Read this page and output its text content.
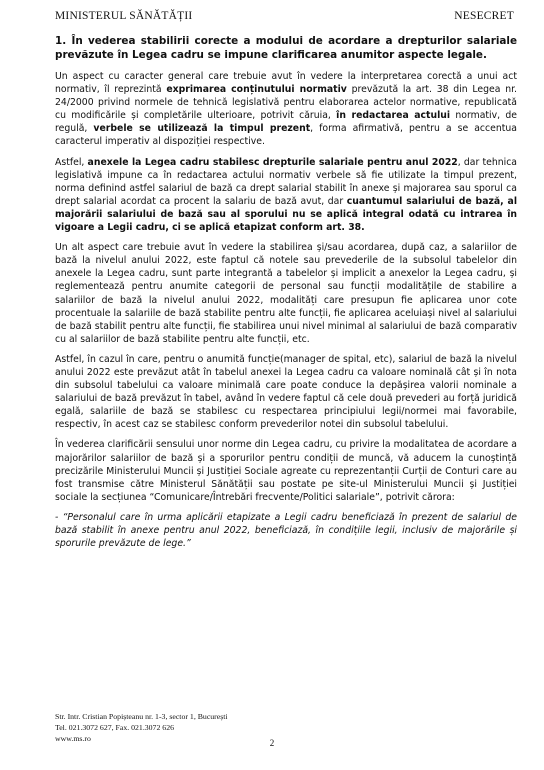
MINISTERUL SĂNĂTĂȚII	NESECRET

1. În vederea stabilirii corecte a modului de acordare a drepturilor salariale prevăzute în Legea cadru se impune clarificarea anumitor aspecte legale.

Un aspect cu caracter general care trebuie avut în vedere la interpretarea corectă a unui act normativ, îl reprezintă exprimarea conținutului normativ prevăzută la art. 38 din Legea nr. 24/2000 privind normele de tehnică legislativă pentru elaborarea actelor normative, republicată cu modificările și completările ulterioare, potrivit căruia, în redactarea actului normativ, de regulă, verbele se utilizează la timpul prezent, forma afirmativă, pentru a se accentua caracterul imperativ al dispoziției respective.

Astfel, anexele la Legea cadru stabilesc drepturile salariale pentru anul 2022, dar tehnica legislativă impune ca în redactarea actului normativ verbele să fie utilizate la timpul prezent, norma definind astfel salariul de bază ca drept salarial stabilit în anexe și majorarea sau sporul ca drept salarial acordat ca procent la salariu de bază avut, dar cuantumul salariului de bază, al majorării salariului de bază sau al sporului nu se aplică integral odată cu intrarea în vigoare a Legii cadru, ci se aplică etapizat conform art. 38.

Un alt aspect care trebuie avut în vedere la stabilirea și/sau acordarea, după caz, a salariilor de bază la nivelul anului 2022, este faptul că notele sau prevederile de la subsolul tabelelor din anexele la Legea cadru, sunt parte integrantă a tabelelor și implicit a anexelor la Legea cadru, și reglementează pentru anumite categorii de personal sau funcții modalitățile de stabilire a salariilor de bază la nivelul anului 2022, modalități care presupun fie aplicarea unor cote procentuale la salariile de bază stabilite pentru alte funcții, fie aplicarea aceluiași nivel al salariului de bază stabilit pentru alte funcții, fie stabilirea unui nivel minimal al salariului de bază comparativ cu al salariilor de bază stabilite pentru alte funcții, etc.

Astfel, în cazul în care, pentru o anumită funcție(manager de spital, etc), salariul de bază la nivelul anului 2022 este prevăzut atât în tabelul anexei la Legea cadru ca valoare nominală cât și în nota din subsolul tabelului ca valoare minimală care poate conduce la depășirea valorii nominale a salariului de bază prevăzut în tabel, având în vedere faptul că cele două prevederi au forță juridică egală, salariile de bază se stabilesc cu respectarea principiului legii/normei mai favorabile, respectiv, în acest caz se stabilesc conform prevederilor notei din subsolul tabelului.

În vederea clarificării sensului unor norme din Legea cadru, cu privire la modalitatea de acordare a majorărilor salariilor de bază și a sporurilor pentru condiții de muncă, vă aducem la cunoștință precizările Ministerului Muncii și Justiției Sociale agreate cu reprezentanții Curții de Conturi care au fost transmise către Ministerul Sănătății sau postate pe site-ul Ministerului Muncii și Justiției sociale la secțiunea “Comunicare/Întrebări frecvente/Politici salariale”, potrivit cărora:

- “Personalul care în urma aplicării etapizate a Legii cadru beneficiază în prezent de salariul de bază stabilit în anexe pentru anul 2022, beneficiază, în condițiile legii, inclusiv de majorările și sporurile prevăzute de lege.”

Str. Intr. Cristian Popișteanu nr. 1-3, sector 1, București
Tel. 021.3072 627, Fax. 021.3072 626
www.ms.ro	2
